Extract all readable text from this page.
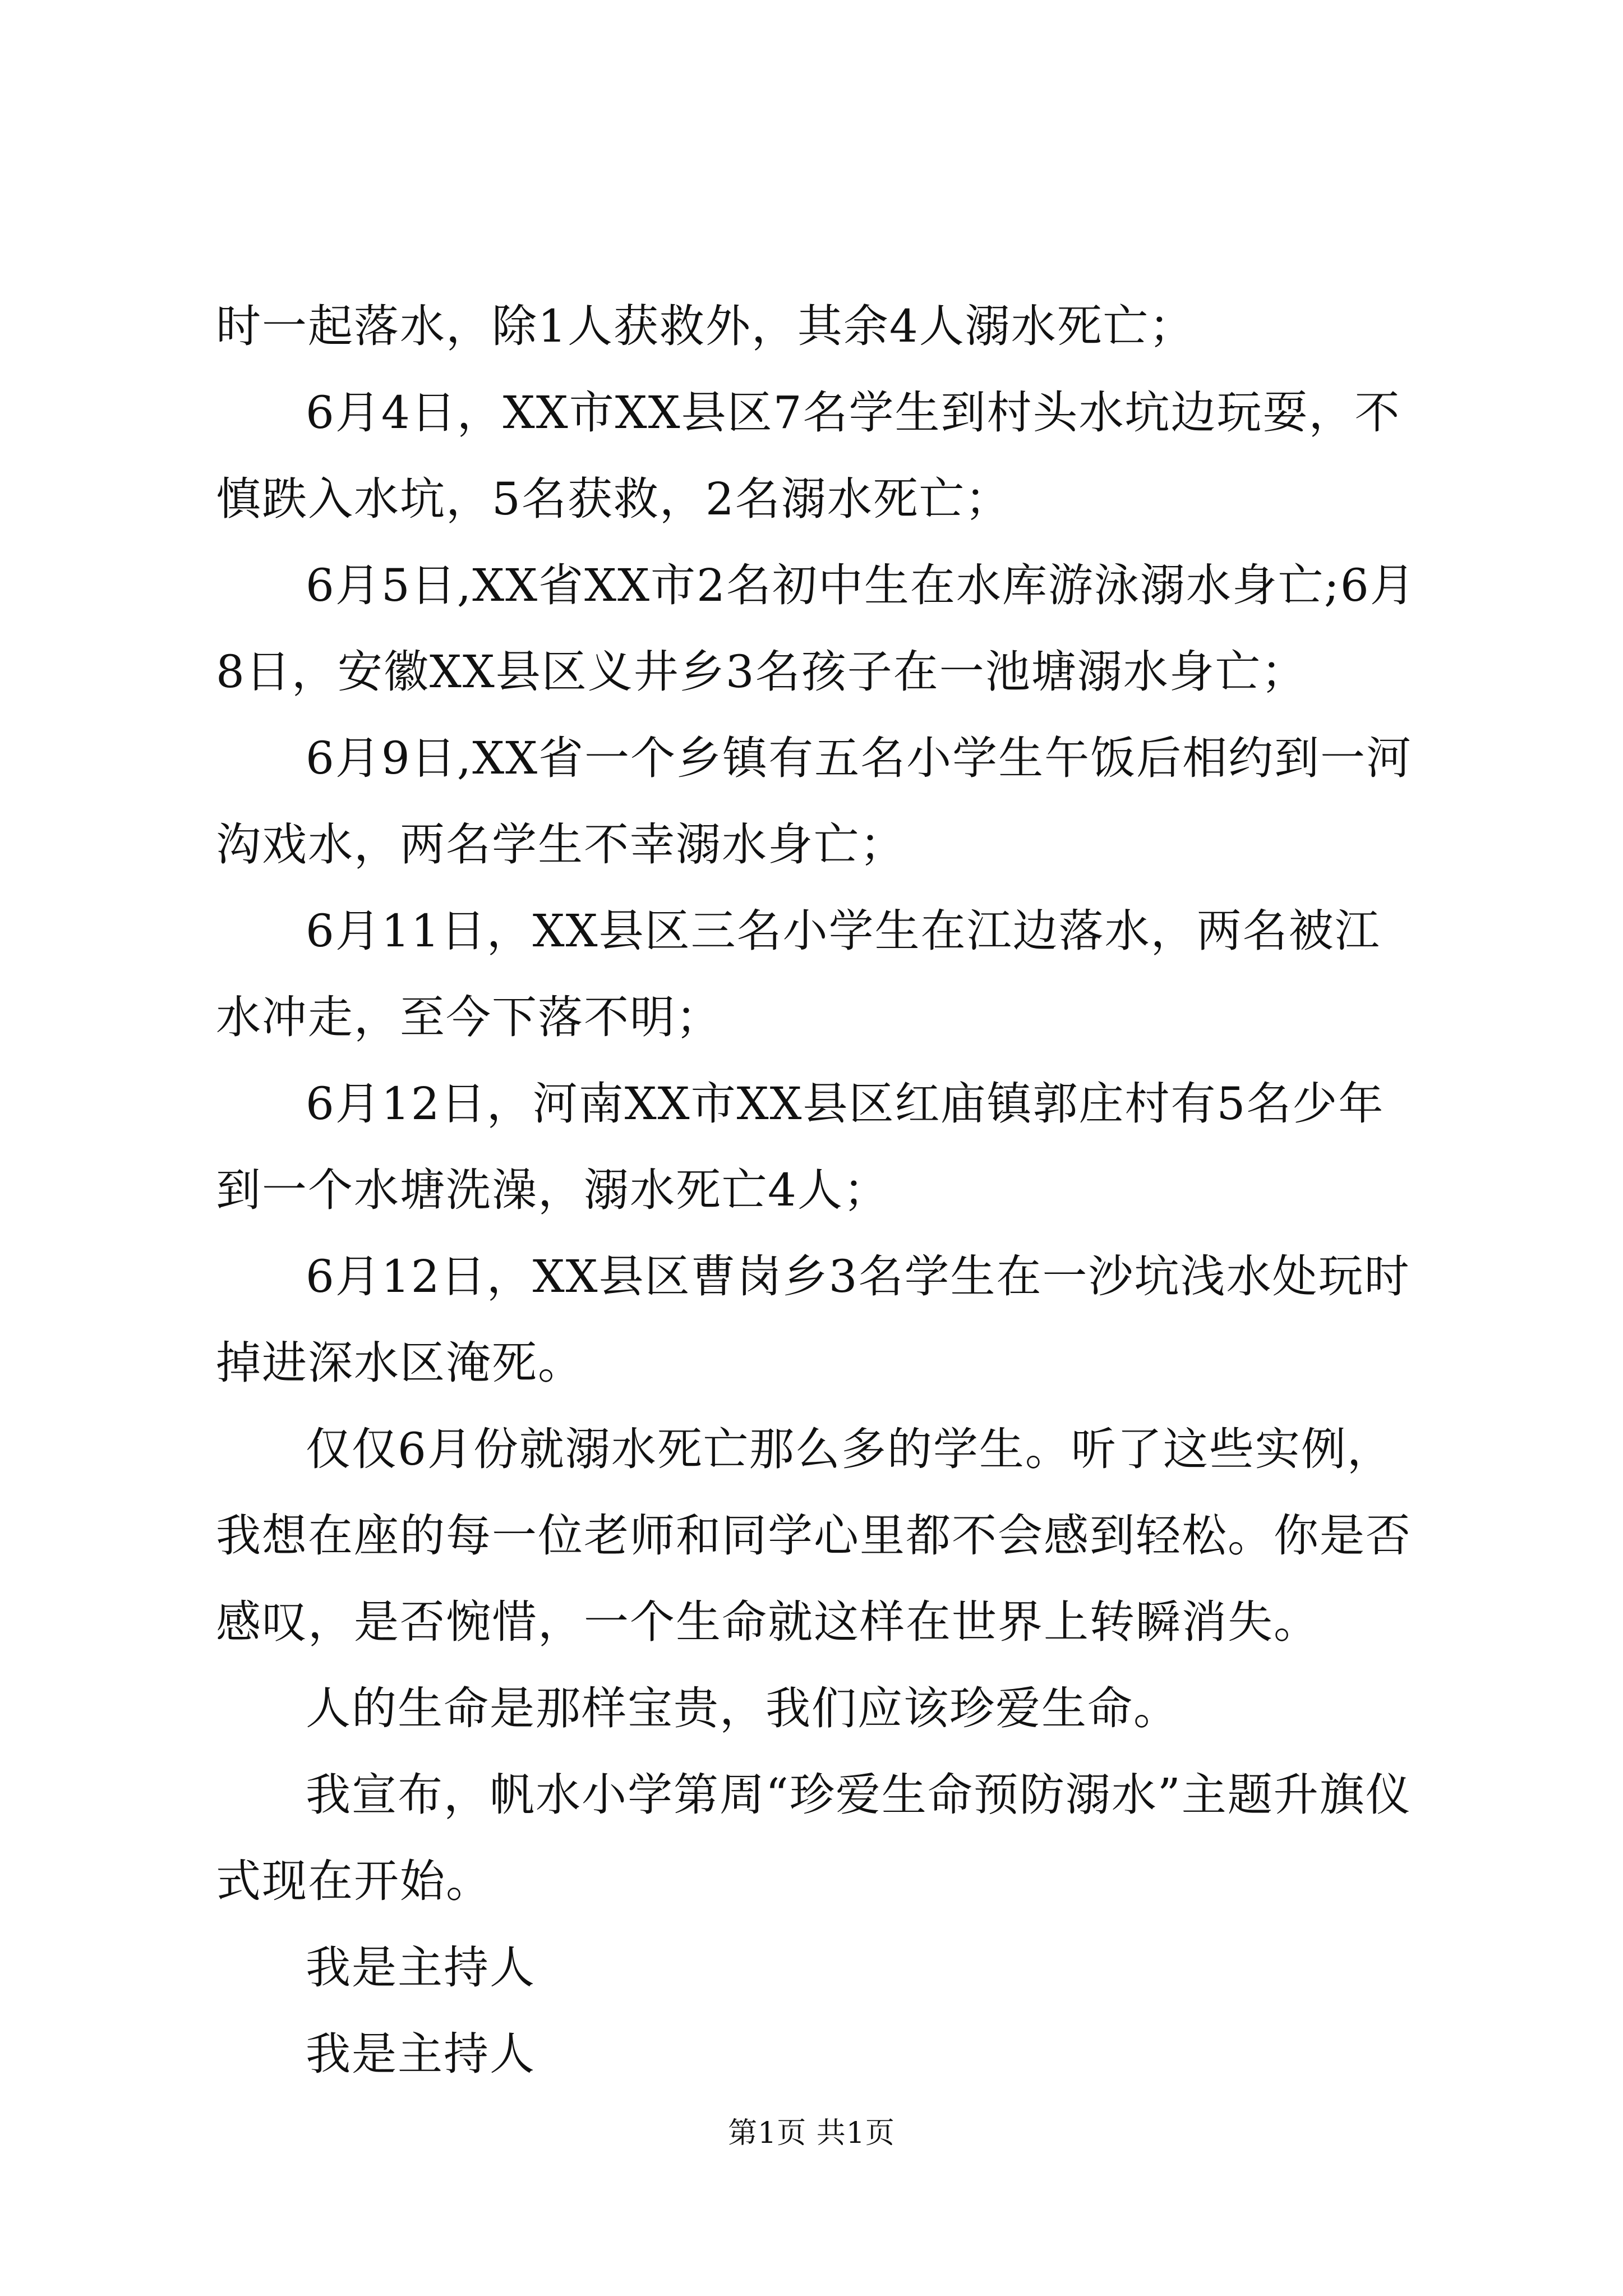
时一起落水，除1人获救外，其余4人溺水死亡；

6月4日，XX市XX县区7名学生到村头水坑边玩耍，不慎跌入水坑，5名获救，2名溺水死亡；

6月5日,XX省XX市2名初中生在水库游泳溺水身亡;6月8日，安徽XX县区义井乡3名孩子在一池塘溺水身亡；

6月9日,XX省一个乡镇有五名小学生午饭后相约到一河沟戏水，两名学生不幸溺水身亡；

6月11日，XX县区三名小学生在江边落水，两名被江水冲走，至今下落不明；

6月12日，河南XX市XX县区红庙镇郭庄村有5名少年到一个水塘洗澡，溺水死亡4人；

6月12日，XX县区曹岗乡3名学生在一沙坑浅水处玩时掉进深水区淹死。

仅仅6月份就溺水死亡那么多的学生。听了这些实例，我想在座的每一位老师和同学心里都不会感到轻松。你是否感叹，是否惋惜，一个生命就这样在世界上转瞬消失。

人的生命是那样宝贵，我们应该珍爱生命。

我宣布，帆水小学第周“珍爱生命预防溺水”主题升旗仪式现在开始。

我是主持人

我是主持人

第1页 共1页
